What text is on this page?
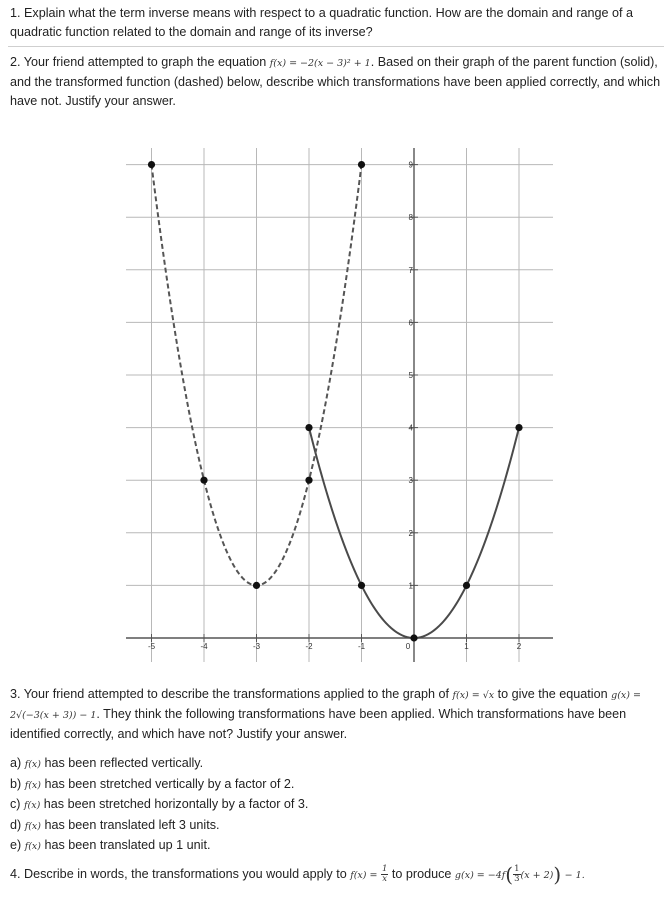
1. Explain what the term inverse means with respect to a quadratic function. How are the domain and range of a quadratic function related to the domain and range of its inverse?
2. Your friend attempted to graph the equation f(x) = −2(x − 3)² + 1. Based on their graph of the parent function (solid), and the transformed function (dashed) below, describe which transformations have been applied correctly, and which have not. Justify your answer.
-5	-4	-3	-2	-1	0	1	2
1
2
3
4
5
6
7
8
9
3. Your friend attempted to describe the transformations applied to the graph of f(x) = √x to give the equation g(x) = 2√(−3(x + 3)) − 1. They think the following transformations have been applied. Which transformations have been identified correctly, and which have not? Justify your answer.
a) f(x) has been reflected vertically.
b) f(x) has been stretched vertically by a factor of 2.
c) f(x) has been stretched horizontally by a factor of 3.
d) f(x) has been translated left 3 units.
e) f(x) has been translated up 1 unit.
4. Describe in words, the transformations you would apply to $f(x) = \frac{1}{x}$ to produce $g(x) = -4f( \frac{1}{3} (x + 2)) - 1$.
